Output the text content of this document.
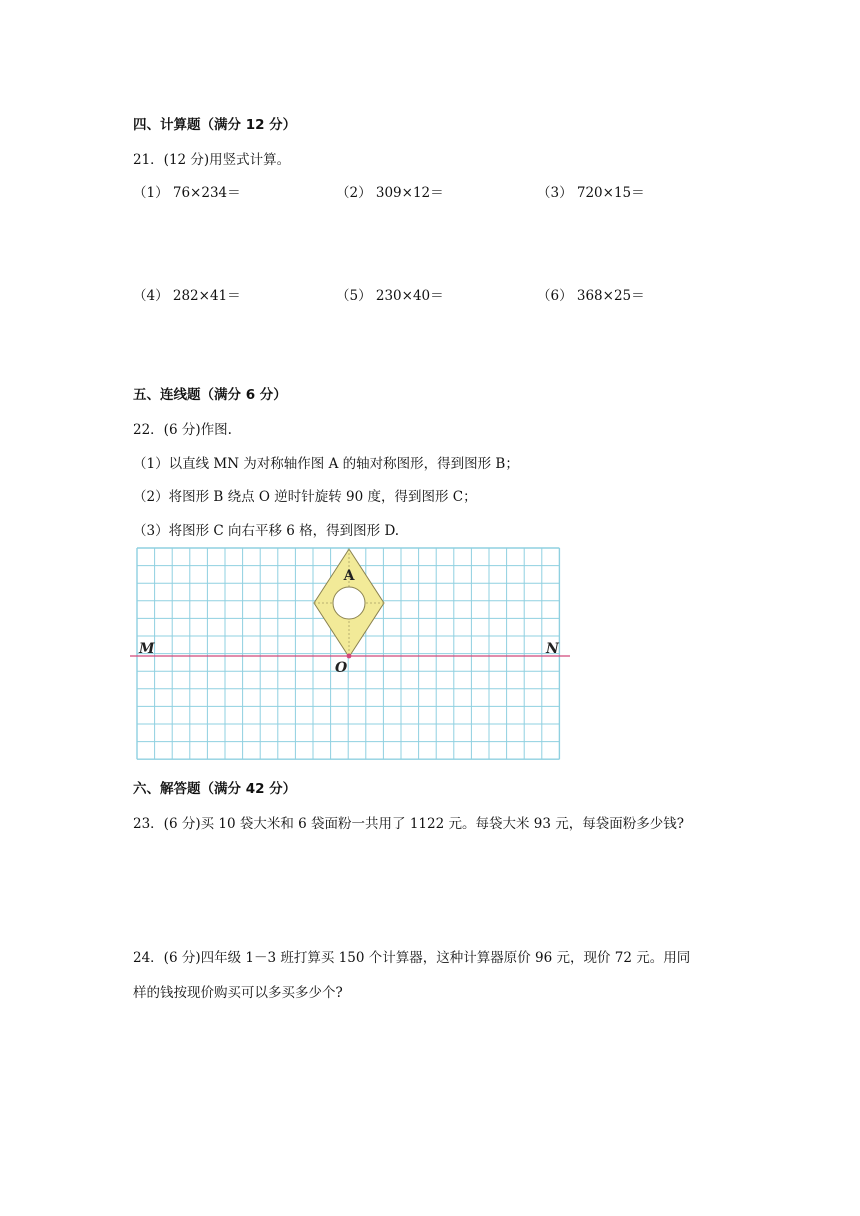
四、计算题（满分 12 分）
21．(12 分)用竖式计算。
（1） 76×234＝	（2） 309×12＝	（3） 720×15＝
（4） 282×41＝	（5） 230×40＝	（6） 368×25＝
五、连线题（满分 6 分）
22．(6 分)作图.
（1）以直线 MN 为对称轴作图 A 的轴对称图形，得到图形 B；
（2）将图形 B 绕点 O 逆时针旋转 90 度，得到图形 C；
（3）将图形 C 向右平移 6 格，得到图形 D.
A
M	N
O
六、解答题（满分 42 分）
23．(6 分)买 10 袋大米和 6 袋面粉一共用了 1122 元。每袋大米 93 元，每袋面粉多少钱?
24．(6 分)四年级 1－3 班打算买 150 个计算器，这种计算器原价 96 元，现价 72 元。用同
样的钱按现价购买可以多买多少个?
